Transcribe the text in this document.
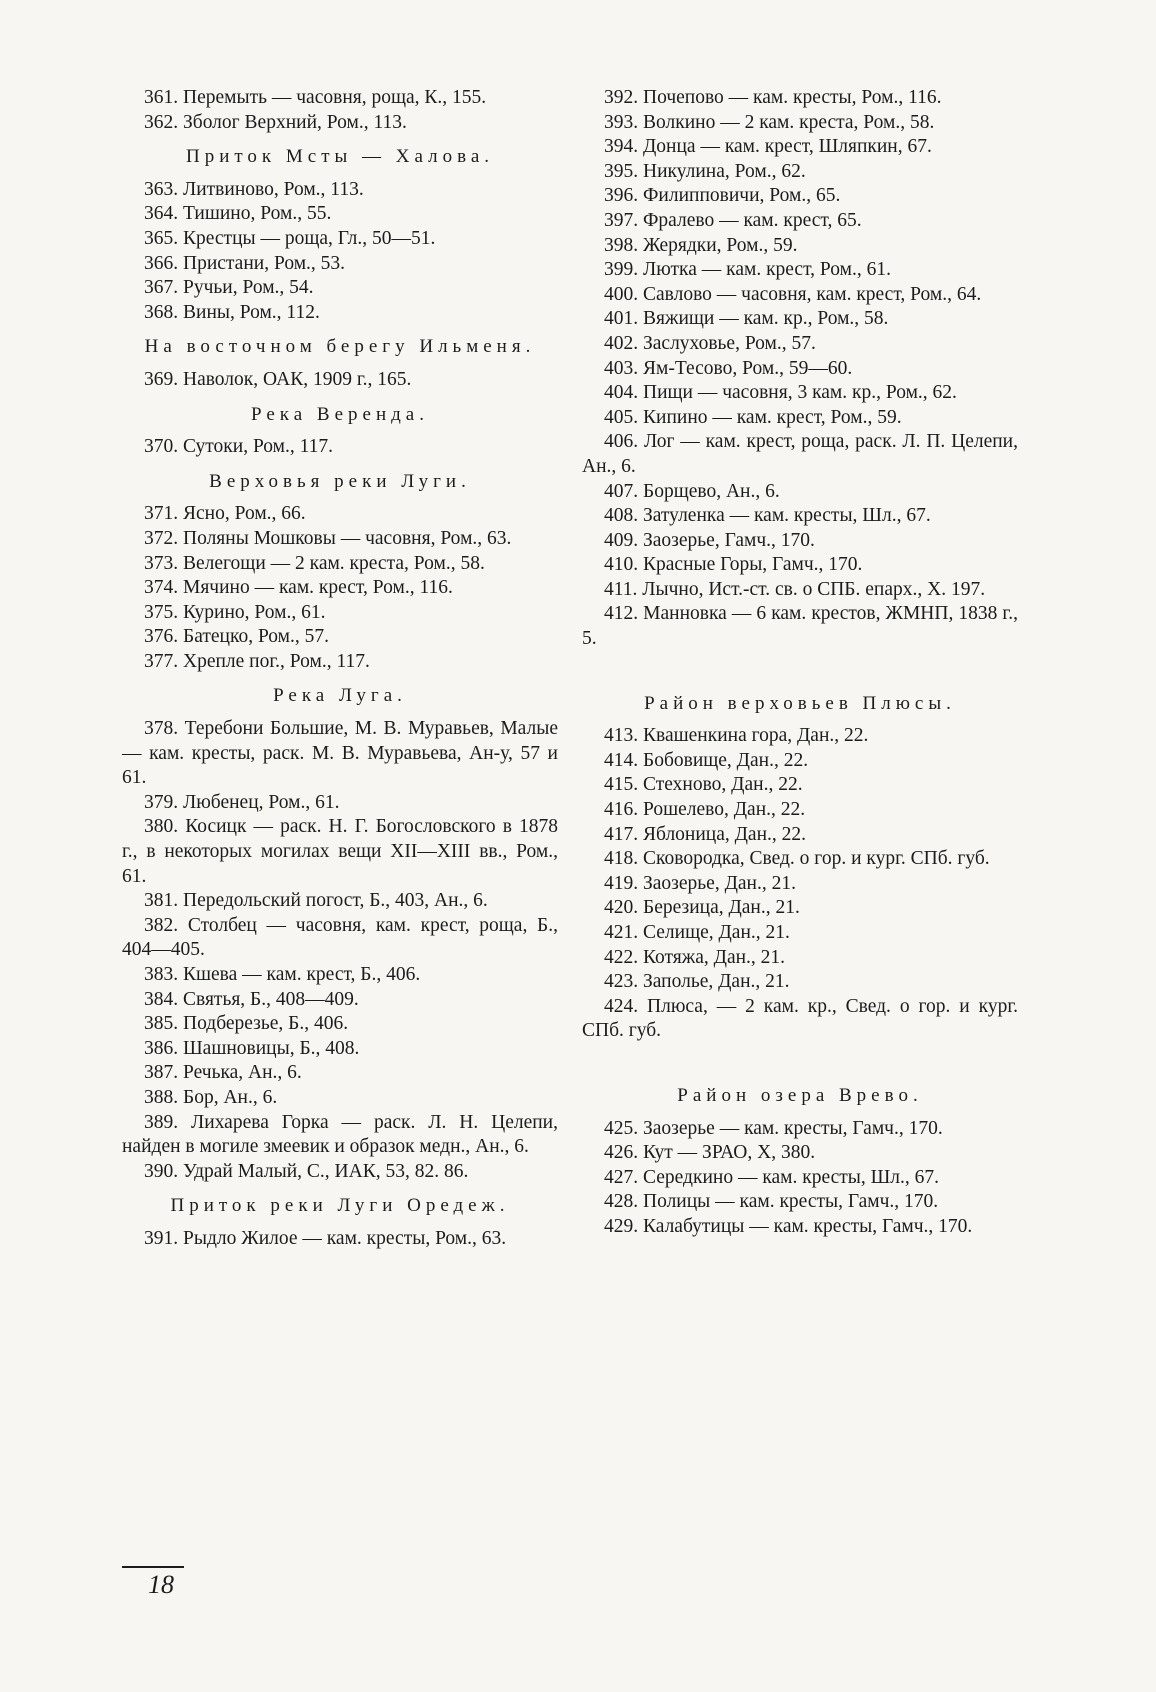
361. Перемыть — часовня, роща, К., 155.

362. Зболог Верхний, Ром., 113.

Приток Мсты — Халова.

363. Литвиново, Ром., 113.

364. Тишино, Ром., 55.

365. Крестцы — роща, Гл., 50—51.

366. Пристани, Ром., 53.

367. Ручьи, Ром., 54.

368. Вины, Ром., 112.

На восточном берегу Ильменя.

369. Наволок, ОАК, 1909 г., 165.

Река Веренда.

370. Сутоки, Ром., 117.

Верховья реки Луги.

371. Ясно, Ром., 66.

372. Поляны Мошковы — часовня, Ром., 63.

373. Велегощи — 2 кам. креста, Ром., 58.

374. Мячино — кам. крест, Ром., 116.

375. Курино, Ром., 61.

376. Батецко, Ром., 57.

377. Хрепле пог., Ром., 117.

Река Луга.

378. Теребони Большие, М. В. Муравьев, Малые — кам. кресты, раск. М. В. Муравьева, Ан-у, 57 и 61.

379. Любенец, Ром., 61.

380. Косицк — раск. Н. Г. Богословского в 1878 г., в некоторых могилах вещи XII—XIII вв., Ром., 61.

381. Передольский погост, Б., 403, Ан., 6.

382. Столбец — часовня, кам. крест, роща, Б., 404—405.

383. Кшева — кам. крест, Б., 406.

384. Святья, Б., 408—409.

385. Подберезье, Б., 406.

386. Шашновицы, Б., 408.

387. Речька, Ан., 6.

388. Бор, Ан., 6.

389. Лихарева Горка — раск. Л. Н. Целепи, найден в могиле змеевик и образок медн., Ан., 6.

390. Удрай Малый, С., ИАК, 53, 82. 86.

Приток реки Луги Оредеж.

391. Рыдло Жилое — кам. кресты, Ром., 63.

392. Почепово — кам. кресты, Ром., 116.

393. Волкино — 2 кам. креста, Ром., 58.

394. Донца — кам. крест, Шляпкин, 67.

395. Никулина, Ром., 62.

396. Филипповичи, Ром., 65.

397. Фралево — кам. крест, 65.

398. Жерядки, Ром., 59.

399. Лютка — кам. крест, Ром., 61.

400. Савлово — часовня, кам. крест, Ром., 64.

401. Вяжищи — кам. кр., Ром., 58.

402. Заслуховье, Ром., 57.

403. Ям-Тесово, Ром., 59—60.

404. Пищи — часовня, 3 кам. кр., Ром., 62.

405. Кипино — кам. крест, Ром., 59.

406. Лог — кам. крест, роща, раск. Л. П. Целепи, Ан., 6.

407. Борщево, Ан., 6.

408. Затуленка — кам. кресты, Шл., 67.

409. Заозерье, Гамч., 170.

410. Красные Горы, Гамч., 170.

411. Лычно, Ист.-ст. св. о СПБ. епарх., Х. 197.

412. Манновка — 6 кам. крестов, ЖМНП, 1838 г., 5.

Район верховьев Плюсы.

413. Квашенкина гора, Дан., 22.

414. Бобовище, Дан., 22.

415. Стехново, Дан., 22.

416. Рошелево, Дан., 22.

417. Яблоница, Дан., 22.

418. Сковородка, Свед. о гор. и кург. СПб. губ.

419. Заозерье, Дан., 21.

420. Березица, Дан., 21.

421. Селище, Дан., 21.

422. Котяжа, Дан., 21.

423. Заполье, Дан., 21.

424. Плюса, — 2 кам. кр., Свед. о гор. и кург. СПб. губ.

Район озера Врево.

425. Заозерье — кам. кресты, Гамч., 170.

426. Кут — ЗРАО, Х, 380.

427. Середкино — кам. кресты, Шл., 67.

428. Полицы — кам. кресты, Гамч., 170.

429. Калабутицы — кам. кресты, Гамч., 170.

18
